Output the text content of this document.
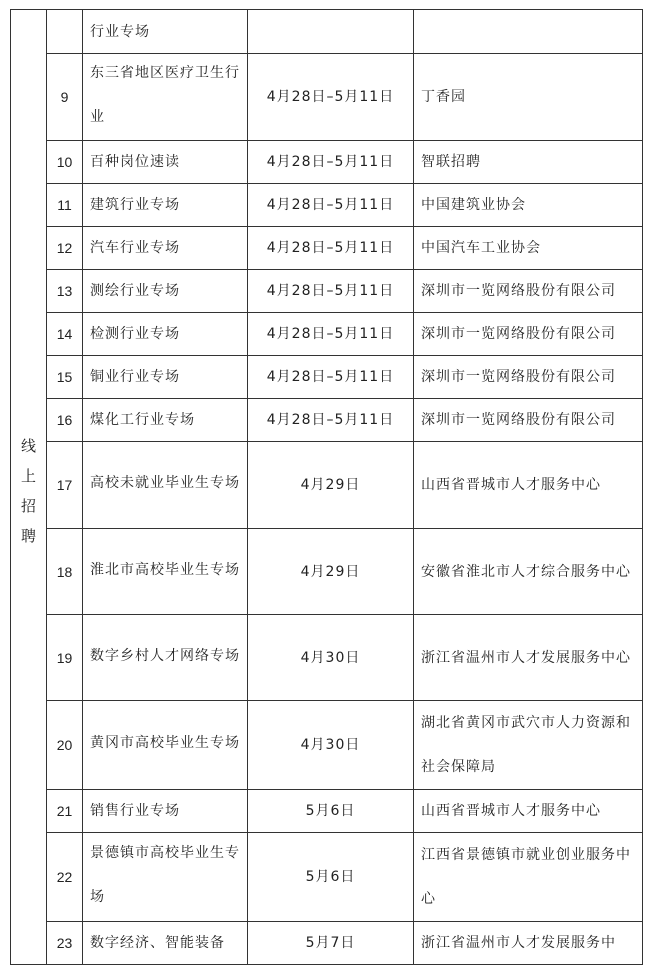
线上招聘		行业专场		
	9	东三省地区医疗卫生行业	4月28日–5月11日	丁香园
	10	百种岗位速读	4月28日–5月11日	智联招聘
	11	建筑行业专场	4月28日–5月11日	中国建筑业协会
	12	汽车行业专场	4月28日–5月11日	中国汽车工业协会
	13	测绘行业专场	4月28日–5月11日	深圳市一览网络股份有限公司
	14	检测行业专场	4月28日–5月11日	深圳市一览网络股份有限公司
	15	铜业行业专场	4月28日–5月11日	深圳市一览网络股份有限公司
	16	煤化工行业专场	4月28日–5月11日	深圳市一览网络股份有限公司
	17	高校未就业毕业生专场	4月29日	山西省晋城市人才服务中心
	18	淮北市高校毕业生专场	4月29日	安徽省淮北市人才综合服务中心

	19	数字乡村人才网络专场	4月30日	浙江省温州市人才发展服务中心

	20	黄冈市高校毕业生专场	4月30日	湖北省黄冈市武穴市人力资源和社会保障局

	21	销售行业专场	5月6日	山西省晋城市人才服务中心
	22	景德镇市高校毕业生专场	5月6日	江西省景德镇市就业创业服务中心

	23	数字经济、智能装备	5月7日	浙江省温州市人才发展服务中
